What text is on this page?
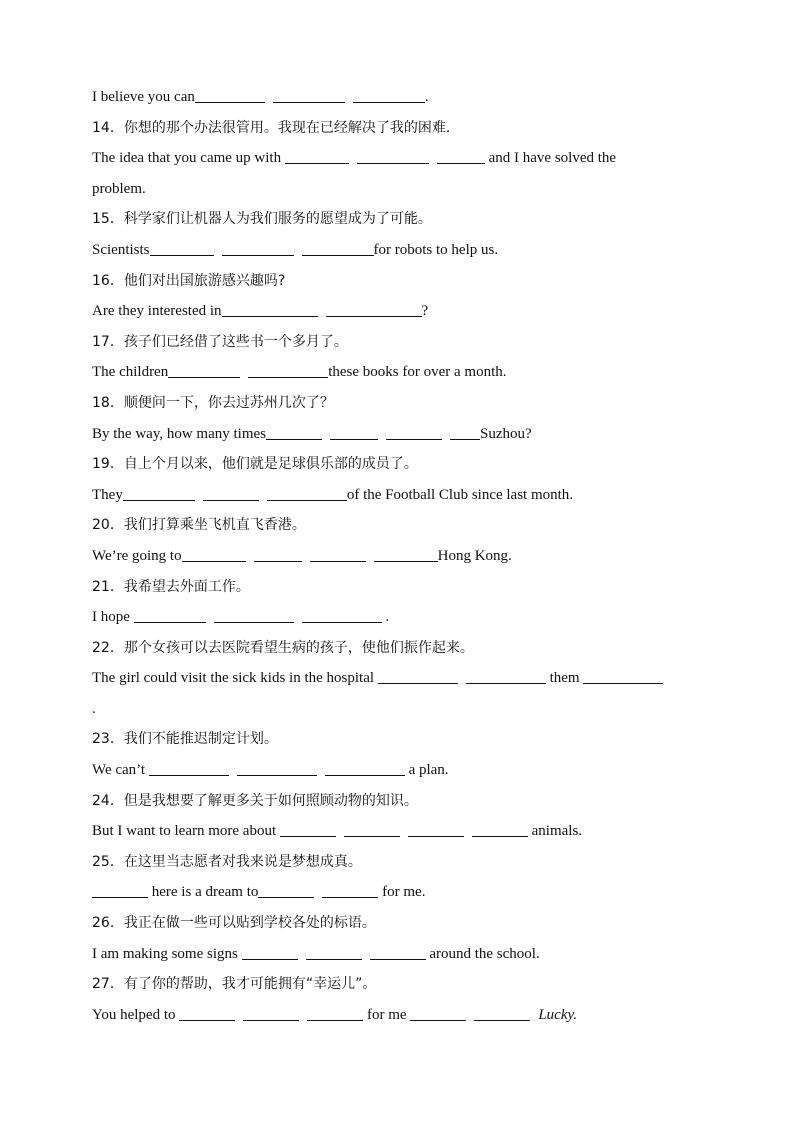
I believe you can	.
14．你想的那个办法很管用。我现在已经解决了我的困难.
The idea that you came up with	and I have solved the
problem.
15．科学家们让机器人为我们服务的愿望成为了可能。
Scientists	for robots to help us.
16．他们对出国旅游感兴趣吗?
Are they interested in	?
17．孩子们已经借了这些书一个多月了。
The children	these books for over a month.
18．顺便问一下，你去过苏州几次了？
By the way, how many times	Suzhou?
19．自上个月以来，他们就是足球俱乐部的成员了。
They	of the Football Club since last month.
20．我们打算乘坐飞机直飞香港。
We’re going to	Hong Kong.
21．我希望去外面工作。
I hope	.
22．那个女孩可以去医院看望生病的孩子，使他们振作起来。
The girl could visit the sick kids in the hospital	them
.
23．我们不能推迟制定计划。
We can’t	a plan.
24．但是我想要了解更多关于如何照顾动物的知识。
But I want to learn more about	animals.
25．在这里当志愿者对我来说是梦想成真。
here is a dream to	for me.
26．我正在做一些可以贴到学校各处的标语。
I am making some signs	around the school.
27．有了你的帮助，我才可能拥有“幸运儿”。
You helped to	for me	Lucky.
